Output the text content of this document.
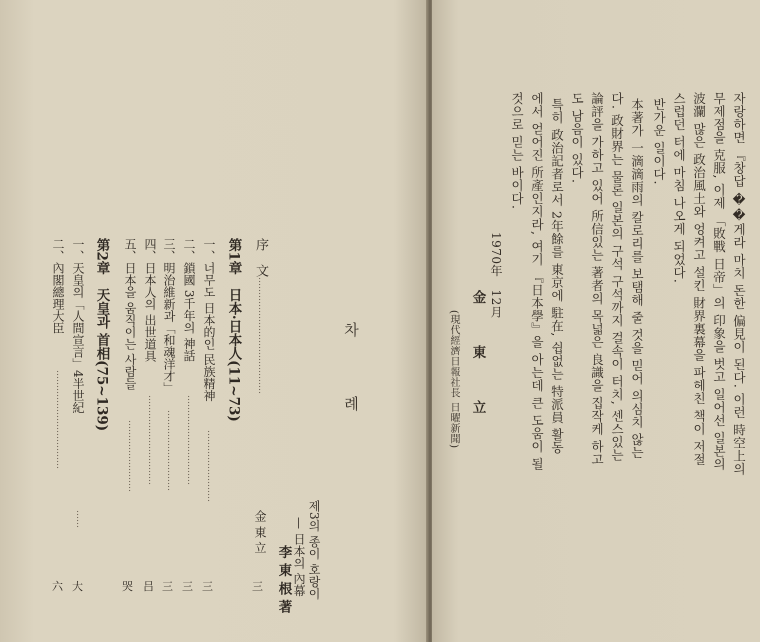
차　례
제3의 종이 호랑이
— 日本의 內幕
李 東 根 著
序　文
…………………………………
金 東 立
三
第1章　日本·日本人(11~73)
一、너무도 日本的인 民族精神
二、鎖國 3千年의 神話
三、明治維新과「和魂洋才」
四、日本人의 出世道具
五、日本을 움직이는 사람들
……………………
…………………………
………………………
…………………………
……………………
三
三
三
吕
哭
第2章　天皇과 首相(75~139)
一、天皇의「人間宣言」4半世紀
二、內閣總理大臣
……
……………………………
大
六
자랑하면 『창답 ��게라 마치 돈한 偏見이 된다. 이런 時空上의
무제점을 克服, 이제 「敗戰 日帝」의 印象을 벗고 일어선 일본의
波瀾 많은 政治風土와 엉켜고 설킨 財界裏幕을 파헤친 책이 저절
스럽던 터에 마침 나오게 되었다.
반가운 일이다.
本著가 一滴滴雨의 칼로리를 보탬해 줄 것을 믿어 의심치 않는
다. 政財界는 물론 일본의 구석 구석까지 걸속이 터치, 센스있는
論評을 가하고 있어 所信있는 著者의 목넓은 良識을 집작케 하고
도 남음이 있다.
특히 政治記者로서 2年餘를 東京에 駐在, 쉽없는 特派員 활동
에서 얻어진 所產인지라, 여기 『日本學』을 아는데 큰 도움이 될
것으로 믿는 바이다.
1970年　12月
金　東　立
(現代經濟日報社長 日曜新聞)
